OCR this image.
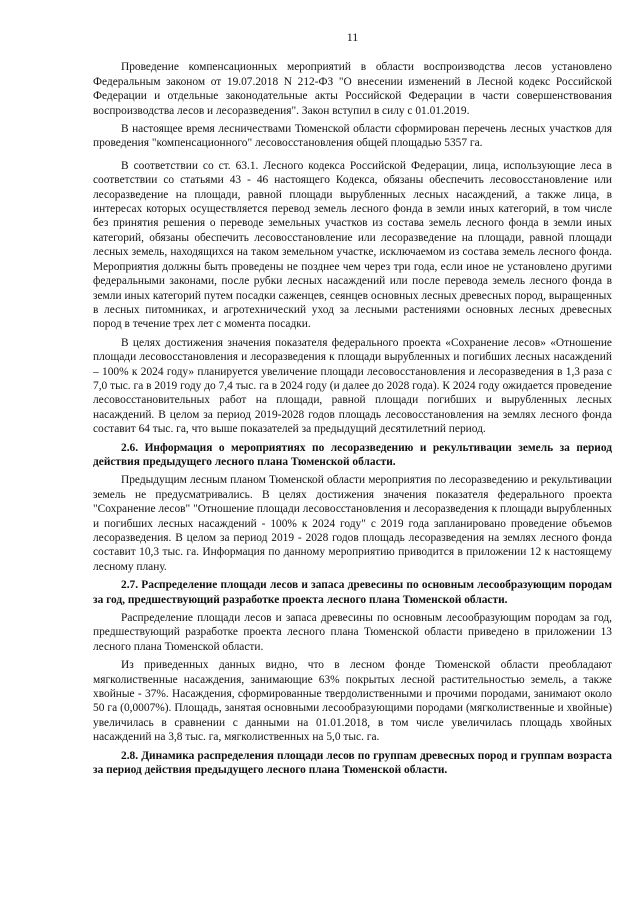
11

Проведение компенсационных мероприятий в области воспроизводства лесов установлено Федеральным законом от 19.07.2018 N 212-ФЗ "О внесении изменений в Лесной кодекс Российской Федерации и отдельные законодательные акты Российской Федерации в части совершенствования воспроизводства лесов и лесоразведения". Закон вступил в силу с 01.01.2019.

В настоящее время лесничествами Тюменской области сформирован перечень лесных участков для проведения "компенсационного" лесовосстановления общей площадью 5357 га.

В соответствии со ст. 63.1. Лесного кодекса Российской Федерации, лица, использующие леса в соответствии со статьями 43 - 46 настоящего Кодекса, обязаны обеспечить лесовосстановление или лесоразведение на площади, равной площади вырубленных лесных насаждений, а также лица, в интересах которых осуществляется перевод земель лесного фонда в земли иных категорий, в том числе без принятия решения о переводе земельных участков из состава земель лесного фонда в земли иных категорий, обязаны обеспечить лесовосстановление или лесоразведение на площади, равной площади лесных земель, находящихся на таком земельном участке, исключаемом из состава земель лесного фонда. Мероприятия должны быть проведены не позднее чем через три года, если иное не установлено другими федеральными законами, после рубки лесных насаждений или после перевода земель лесного фонда в земли иных категорий путем посадки саженцев, сеянцев основных лесных древесных пород, выращенных в лесных питомниках, и агротехнический уход за лесными растениями основных лесных древесных пород в течение трех лет с момента посадки.

В целях достижения значения показателя федерального проекта «Сохранение лесов» «Отношение площади лесовосстановления и лесоразведения к площади вырубленных и погибших лесных насаждений – 100% к 2024 году» планируется увеличение площади лесовосстановления и лесоразведения в 1,3 раза с 7,0 тыс. га в 2019 году до 7,4 тыс. га в 2024 году (и далее до 2028 года). К 2024 году ожидается проведение лесовосстановительных работ на площади, равной площади погибших и вырубленных лесных насаждений. В целом за период 2019-2028 годов площадь лесовосстановления на землях лесного фонда составит 64 тыс. га, что выше показателей за предыдущий десятилетний период.

2.6. Информация о мероприятиях по лесоразведению и рекультивации земель за период действия предыдущего лесного плана Тюменской области.

Предыдущим лесным планом Тюменской области мероприятия по лесоразведению и рекультивации земель не предусматривались. В целях достижения значения показателя федерального проекта "Сохранение лесов" "Отношение площади лесовосстановления и лесоразведения к площади вырубленных и погибших лесных насаждений - 100% к 2024 году" с 2019 года запланировано проведение объемов лесоразведения. В целом за период 2019 - 2028 годов площадь лесоразведения на землях лесного фонда составит 10,3 тыс. га. Информация по данному мероприятию приводится в приложении 12 к настоящему лесному плану.

2.7. Распределение площади лесов и запаса древесины по основным лесообразующим породам за год, предшествующий разработке проекта лесного плана Тюменской области.

Распределение площади лесов и запаса древесины по основным лесообразующим породам за год, предшествующий разработке проекта лесного плана Тюменской области приведено в приложении 13 лесного плана Тюменской области.

Из приведенных данных видно, что в лесном фонде Тюменской области преобладают мягколиственные насаждения, занимающие 63% покрытых лесной растительностью земель, а также хвойные - 37%. Насаждения, сформированные твердолиственными и прочими породами, занимают около 50 га (0,0007%). Площадь, занятая основными лесообразующими породами (мягколиственные и хвойные) увеличилась в сравнении с данными на 01.01.2018, в том числе увеличилась площадь хвойных насаждений на 3,8 тыс. га, мягколиственных на 5,0 тыс. га.

2.8. Динамика распределения площади лесов по группам древесных пород и группам возраста за период действия предыдущего лесного плана Тюменской области.
